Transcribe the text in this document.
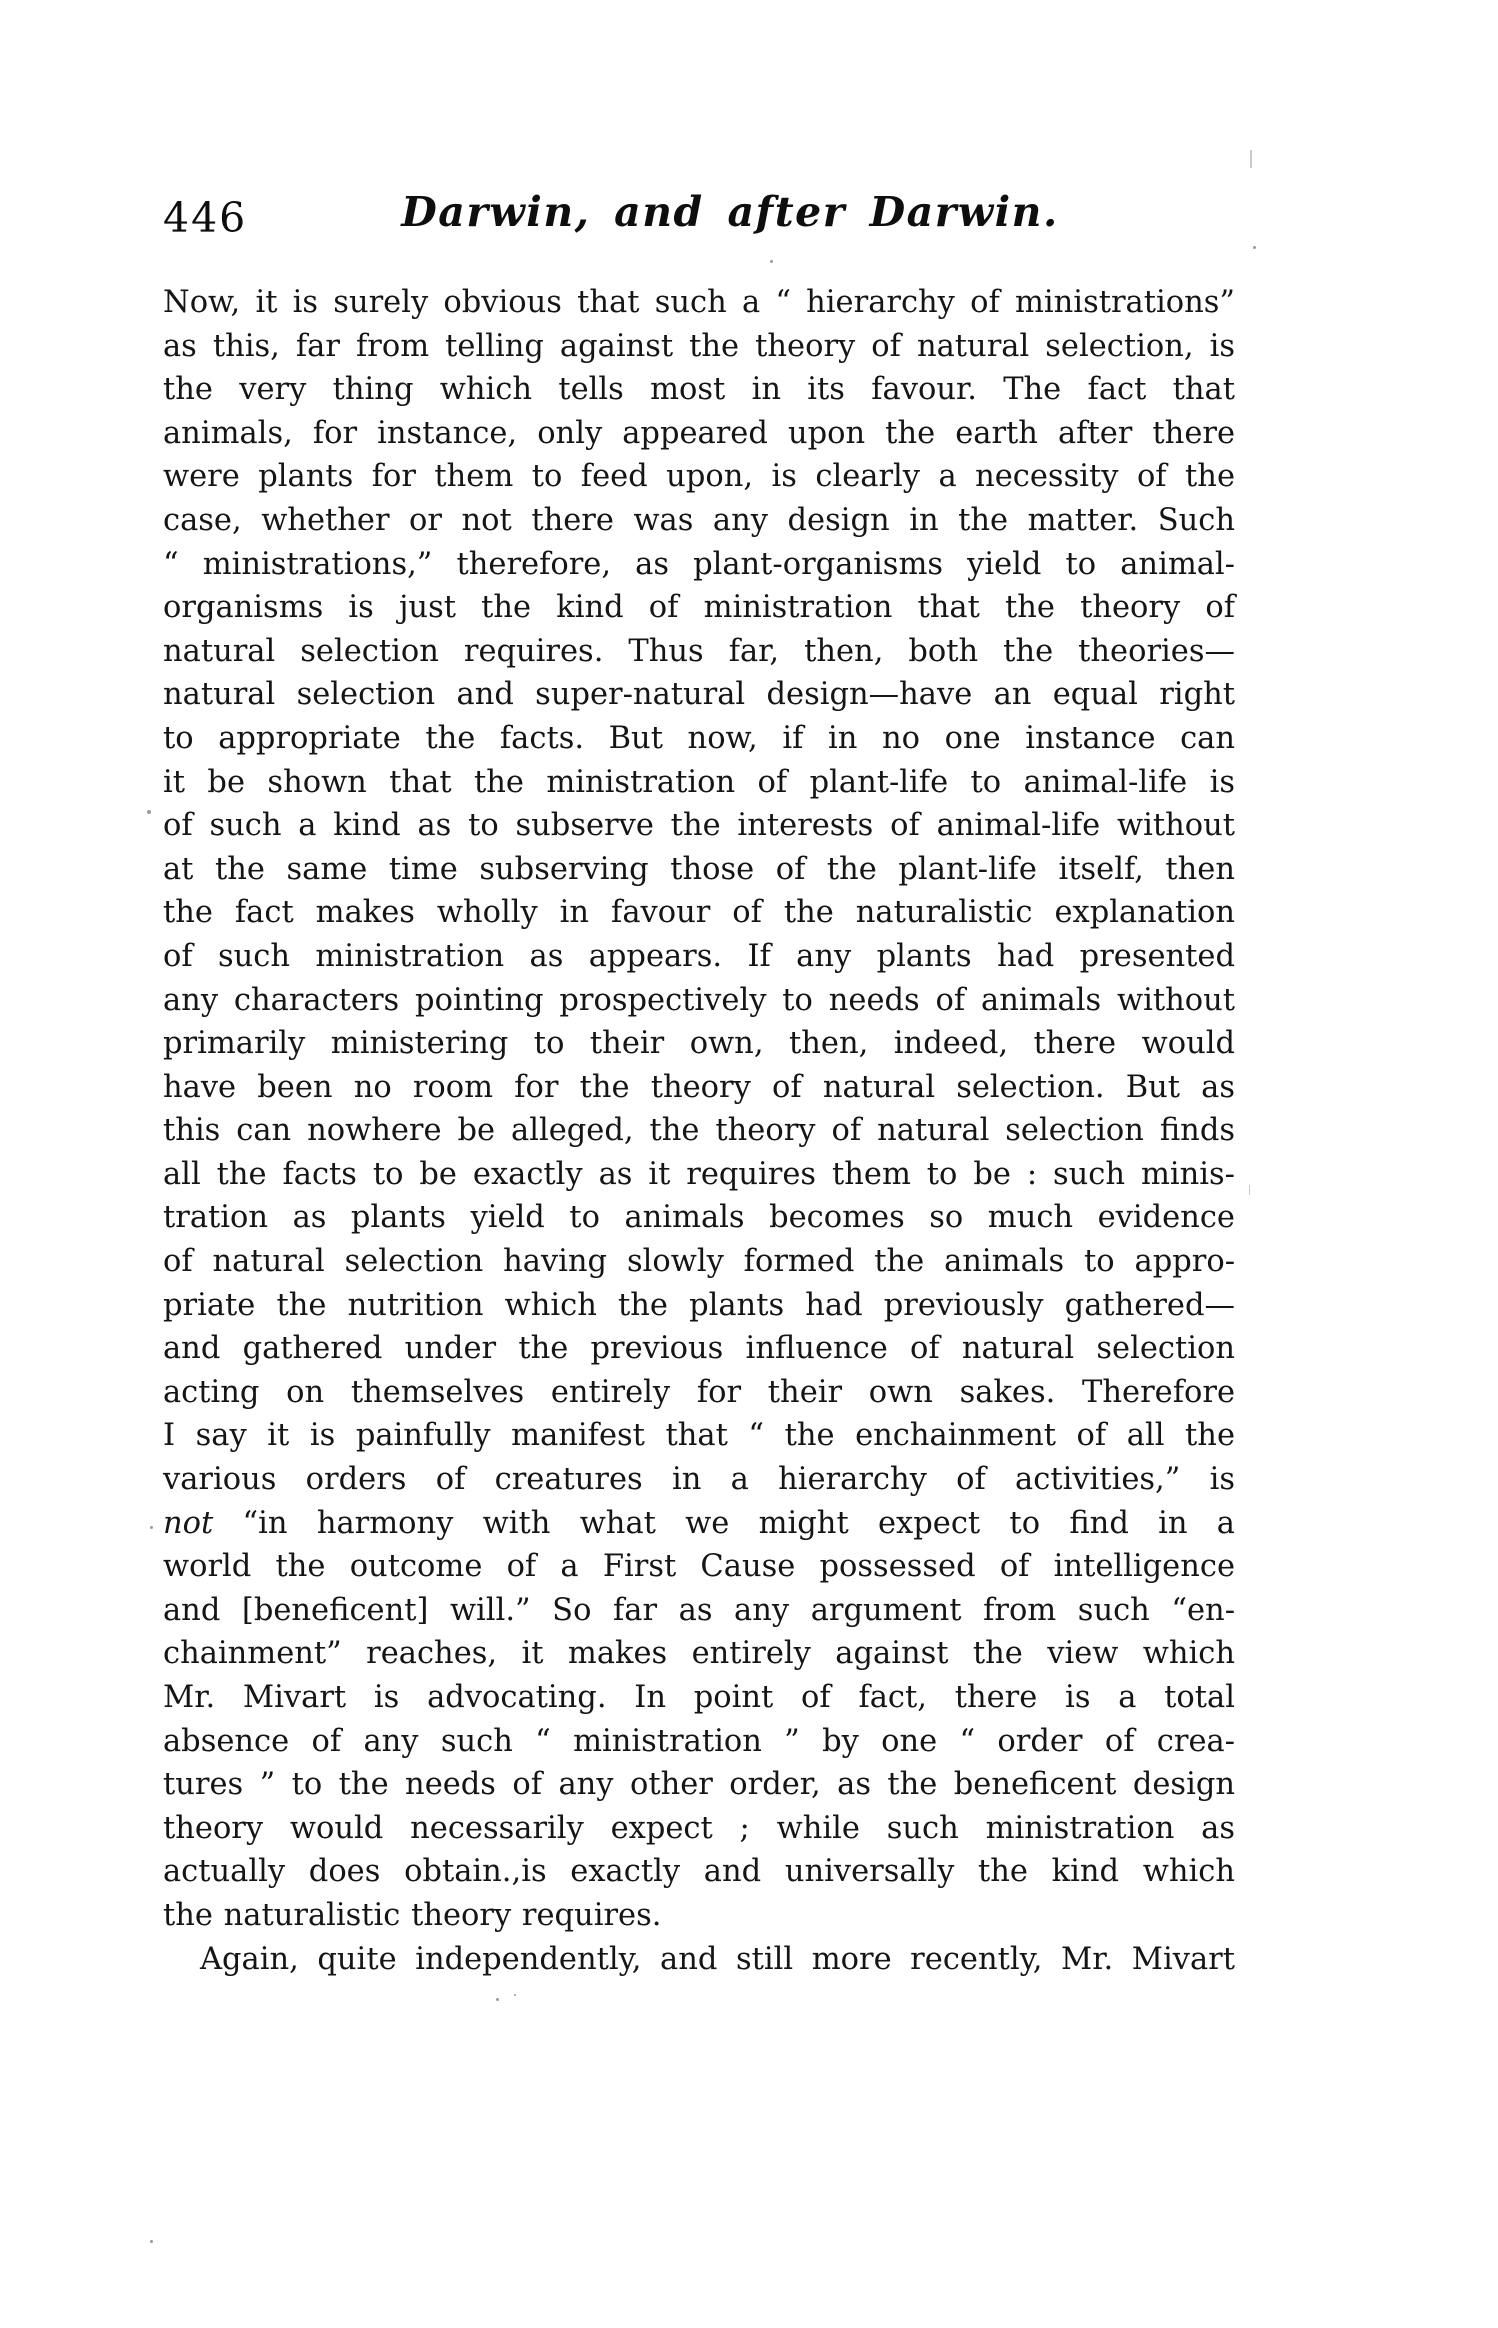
446	Darwin, and after Darwin.
Now, it is surely obvious that such a “ hierarchy of ministrations”
as this, far from telling against the theory of natural selection, is
the very thing which tells most in its favour. The fact that
animals, for instance, only appeared upon the earth after there
were plants for them to feed upon, is clearly a necessity of the
case, whether or not there was any design in the matter. Such
“ ministrations,” therefore, as plant-organisms yield to animal-
organisms is just the kind of ministration that the theory of
natural selection requires. Thus far, then, both the theories—
natural selection and super-natural design—have an equal right
to appropriate the facts. But now, if in no one instance can
it be shown that the ministration of plant-life to animal-life is
of such a kind as to subserve the interests of animal-life without
at the same time subserving those of the plant-life itself, then
the fact makes wholly in favour of the naturalistic explanation
of such ministration as appears. If any plants had presented
any characters pointing prospectively to needs of animals without
primarily ministering to their own, then, indeed, there would
have been no room for the theory of natural selection. But as
this can nowhere be alleged, the theory of natural selection finds
all the facts to be exactly as it requires them to be : such minis-
tration as plants yield to animals becomes so much evidence
of natural selection having slowly formed the animals to appro-
priate the nutrition which the plants had previously gathered—
and gathered under the previous influence of natural selection
acting on themselves entirely for their own sakes. Therefore
I say it is painfully manifest that “ the enchainment of all the
various orders of creatures in a hierarchy of activities,” is
not “in harmony with what we might expect to find in a
world the outcome of a First Cause possessed of intelligence
and [beneficent] will.” So far as any argument from such “en-
chainment” reaches, it makes entirely against the view which
Mr. Mivart is advocating. In point of fact, there is a total
absence of any such “ ministration ” by one “ order of crea-
tures ” to the needs of any other order, as the beneficent design
theory would necessarily expect ; while such ministration as
actually does obtain.,is exactly and universally the kind which
the naturalistic theory requires.
Again, quite independently, and still more recently, Mr. Mivart
